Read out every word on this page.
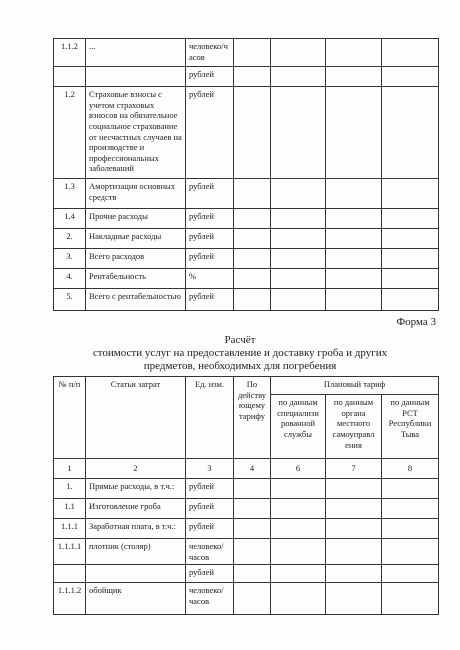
1.1.2	...	человеко/ч асов				
		рублей				
1.2	Страховые взносы с учетом страховых взносов на обязательное социальное страхование от несчастных случаев на производстве и профессиональных заболеваний	рублей				
1.3	Амортизация основных средств	рублей				
1.4	Прочие расходы	рублей				
2.	Накладные расходы	рублей				
3.	Всего расходов	рублей				
4.	Рентабельность	%				
5.	Всего с рентабельностью	рублей				
Форма 3
Расчёт
стоимости услуг на предоставление и доставку гроба и других
предметов, необходимых для погребения
№ п/п	Статьи затрат	Ед. изм.	По действу ющему тарифу	Плановый тариф		
				по данным специализи рованной службы	по данным органа местного самоуправл ения	по данным РСТ Республики Тыва
1	2	3	4	6	7	8
1.	Прямые расходы, в т.ч.:	рублей				
1.1	Изготовление гроба	рублей				
1.1.1	Заработная плата, в т.ч.:	рублей				
1.1.1.1	плотник (столяр)	человеко/ часов				
		рублей				
1.1.1.2	обойщик	человеко/ часов				
